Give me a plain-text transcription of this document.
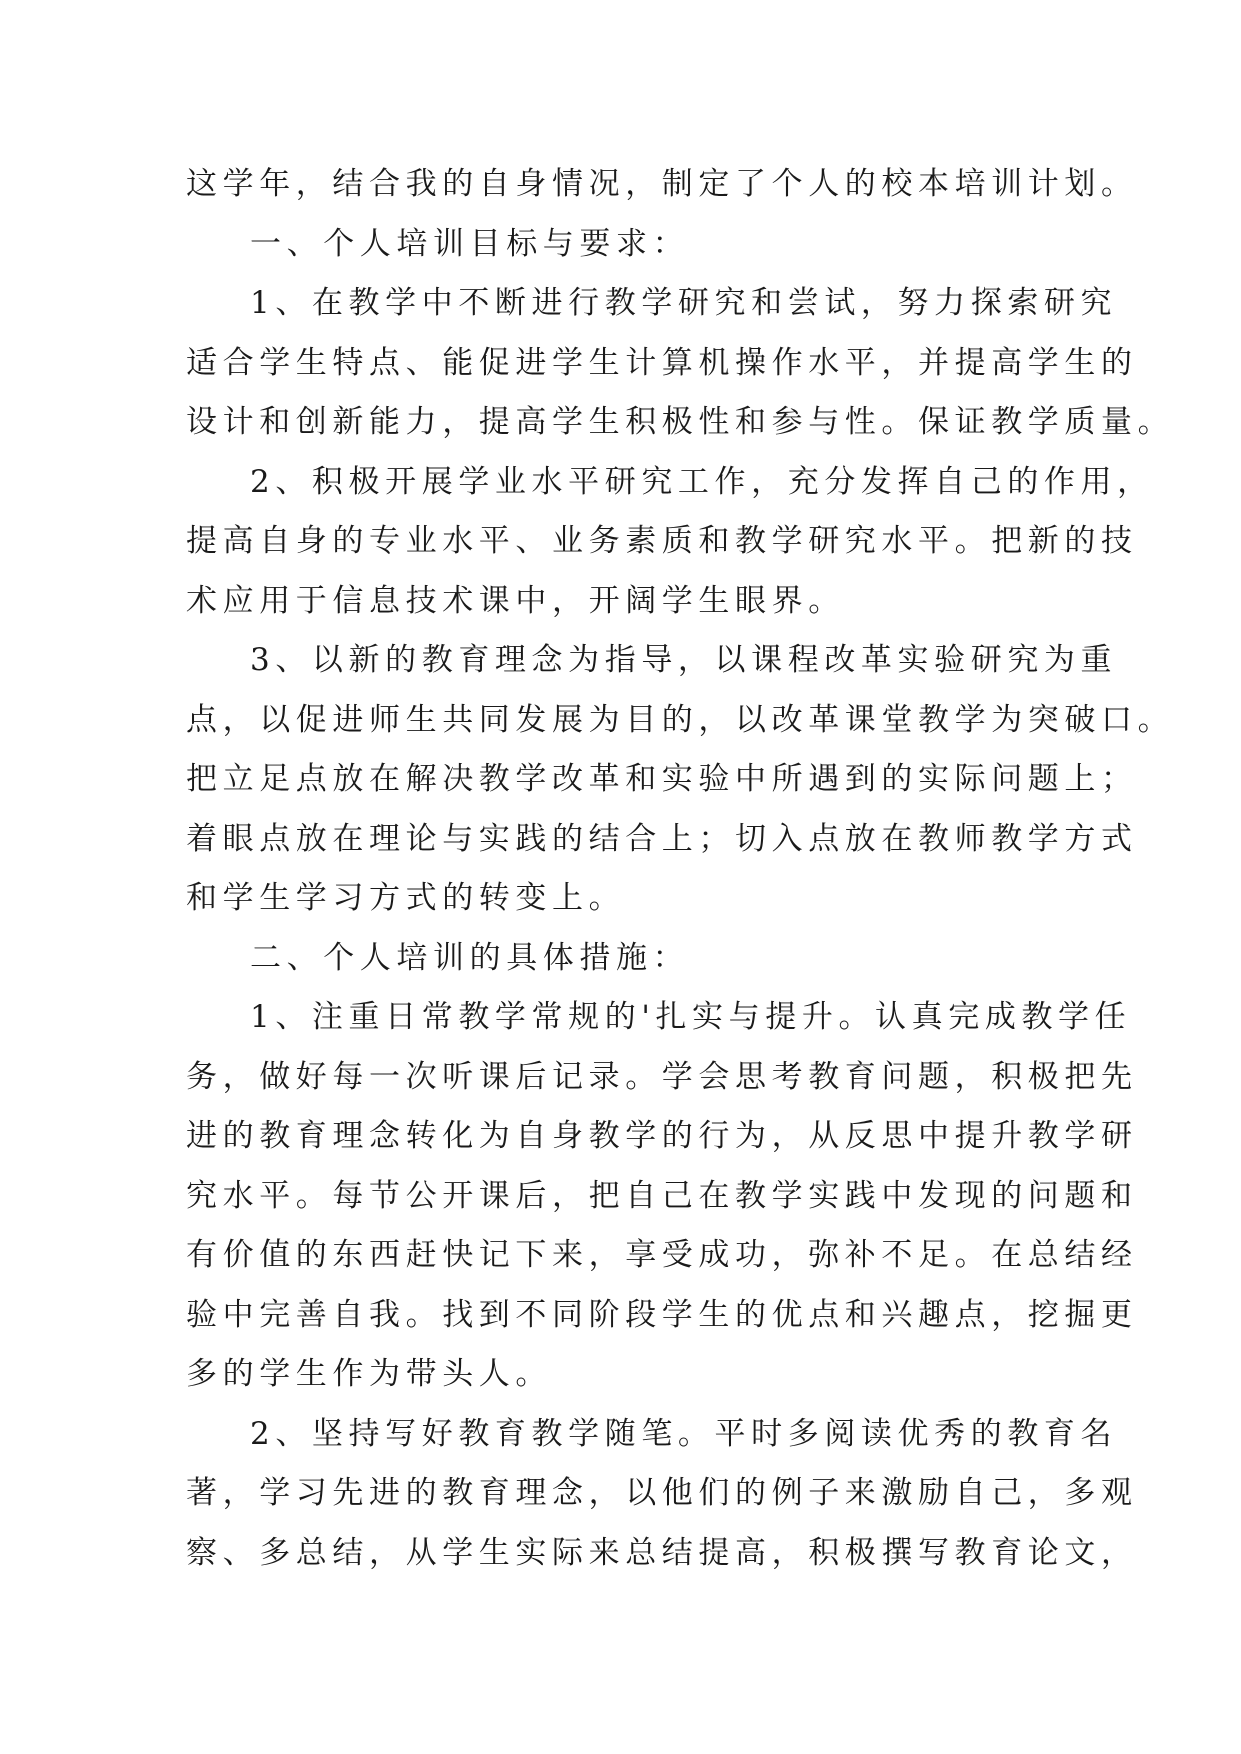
这学年，结合我的自身情况，制定了个人的校本培训计划。
一、个人培训目标与要求：
1、在教学中不断进行教学研究和尝试，努力探索研究
适合学生特点、能促进学生计算机操作水平，并提高学生的
设计和创新能力，提高学生积极性和参与性。保证教学质量。
2、积极开展学业水平研究工作，充分发挥自己的作用，
提高自身的专业水平、业务素质和教学研究水平。把新的技
术应用于信息技术课中，开阔学生眼界。
3、以新的教育理念为指导，以课程改革实验研究为重
点，以促进师生共同发展为目的，以改革课堂教学为突破口。
把立足点放在解决教学改革和实验中所遇到的实际问题上；
着眼点放在理论与实践的结合上；切入点放在教师教学方式
和学生学习方式的转变上。
二、个人培训的具体措施：
1、注重日常教学常规的'扎实与提升。认真完成教学任
务，做好每一次听课后记录。学会思考教育问题，积极把先
进的教育理念转化为自身教学的行为，从反思中提升教学研
究水平。每节公开课后，把自己在教学实践中发现的问题和
有价值的东西赶快记下来，享受成功，弥补不足。在总结经
验中完善自我。找到不同阶段学生的优点和兴趣点，挖掘更
多的学生作为带头人。
2、坚持写好教育教学随笔。平时多阅读优秀的教育名
著，学习先进的教育理念，以他们的例子来激励自己，多观
察、多总结，从学生实际来总结提高，积极撰写教育论文，
